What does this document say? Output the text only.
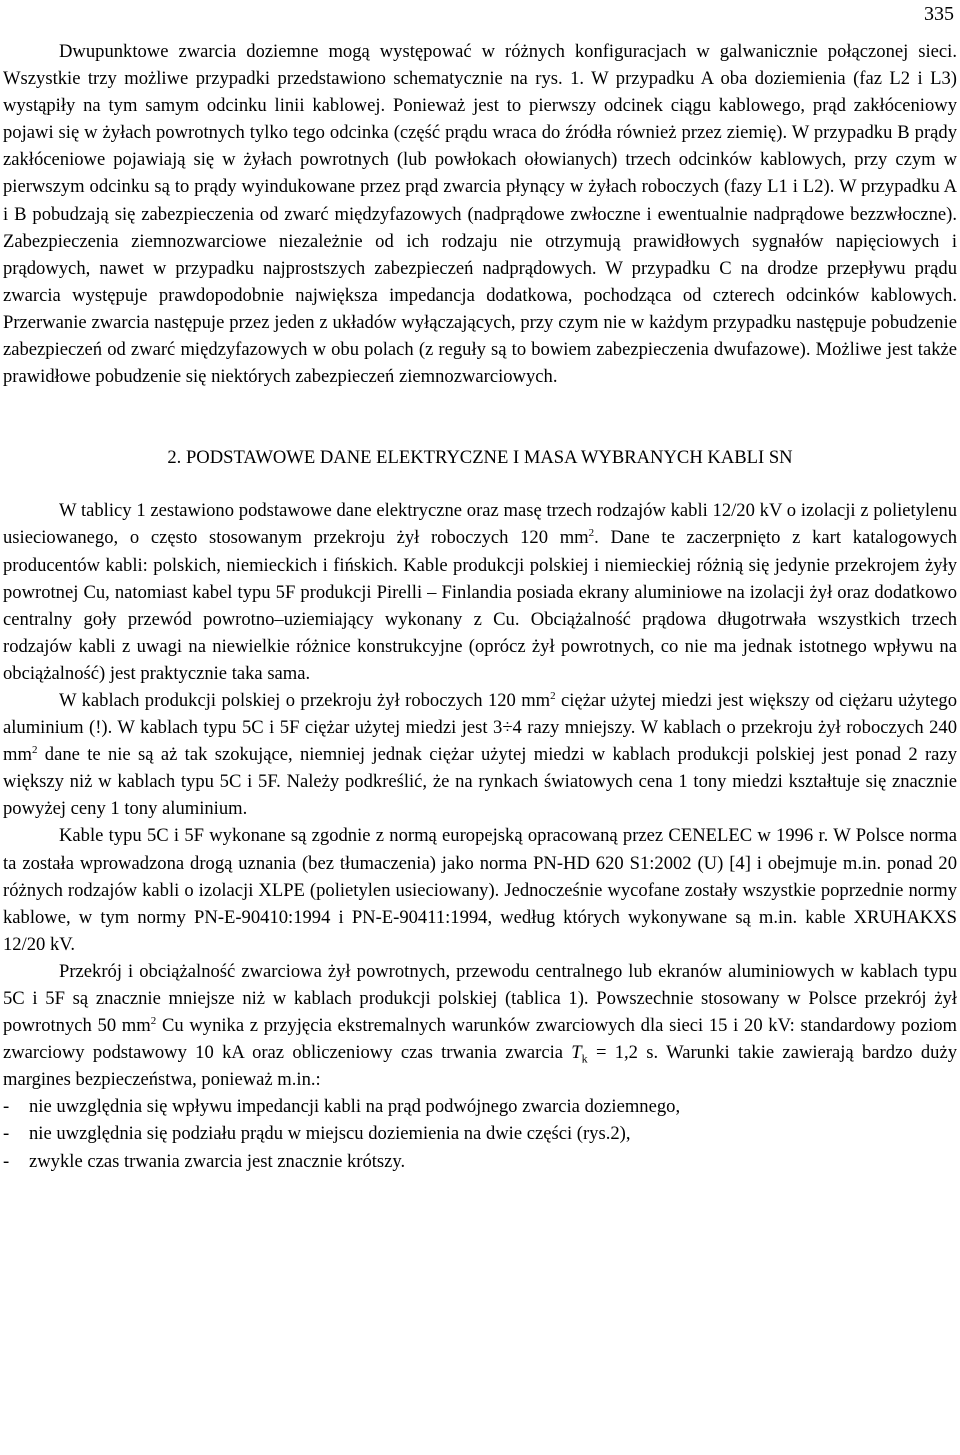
335

Dwupunktowe zwarcia doziemne mogą występować w różnych konfiguracjach w galwanicznie połączonej sieci. Wszystkie trzy możliwe przypadki przedstawiono schematycznie na rys. 1. W przypadku A oba doziemienia (faz L2 i L3) wystąpiły na tym samym odcinku linii kablowej. Ponieważ jest to pierwszy odcinek ciągu kablowego, prąd zakłóceniowy pojawi się w żyłach powrotnych tylko tego odcinka (część prądu wraca do źródła również przez ziemię). W przypadku B prądy zakłóceniowe pojawiają się w żyłach powrotnych (lub powłokach ołowianych) trzech odcinków kablowych, przy czym w pierwszym odcinku są to prądy wyindukowane przez prąd zwarcia płynący w żyłach roboczych (fazy L1 i L2). W przypadku A i B pobudzają się zabezpieczenia od zwarć międzyfazowych (nadprądowe zwłoczne i ewentualnie nadprądowe bezzwłoczne). Zabezpieczenia ziemnozwarciowe niezależnie od ich rodzaju nie otrzymują prawidłowych sygnałów napięciowych i prądowych, nawet w przypadku najprostszych zabezpieczeń nadprądowych. W przypadku C na drodze przepływu prądu zwarcia występuje prawdopodobnie największa impedancja dodatkowa, pochodząca od czterech odcinków kablowych. Przerwanie zwarcia następuje przez jeden z układów wyłączających, przy czym nie w każdym przypadku następuje pobudzenie zabezpieczeń od zwarć międzyfazowych w obu polach (z reguły są to bowiem zabezpieczenia dwufazowe). Możliwe jest także prawidłowe pobudzenie się niektórych zabezpieczeń ziemnozwarciowych.

2. PODSTAWOWE DANE ELEKTRYCZNE I MASA WYBRANYCH KABLI SN

W tablicy 1 zestawiono podstawowe dane elektryczne oraz masę trzech rodzajów kabli 12/20 kV o izolacji z polietylenu usieciowanego, o często stosowanym przekroju żył roboczych 120 $mm^2$. Dane te zaczerpnięto z kart katalogowych producentów kabli: polskich, niemieckich i fińskich. Kable produkcji polskiej i niemieckiej różnią się jedynie przekrojem żyły powrotnej Cu, natomiast kabel typu 5F produkcji Pirelli – Finlandia posiada ekrany aluminiowe na izolacji żył oraz dodatkowo centralny goły przewód powrotno–uziemiający wykonany z Cu. Obciążalność prądowa długotrwała wszystkich trzech rodzajów kabli z uwagi na niewielkie różnice konstrukcyjne (oprócz żył powrotnych, co nie ma jednak istotnego wpływu na obciążalność) jest praktycznie taka sama.

W kablach produkcji polskiej o przekroju żył roboczych 120 $mm^2$ ciężar użytej miedzi jest większy od ciężaru użytego aluminium (!). W kablach typu 5C i 5F ciężar użytej miedzi jest 3÷4 razy mniejszy. W kablach o przekroju żył roboczych 240 $mm^2$ dane te nie są aż tak szokujące, niemniej jednak ciężar użytej miedzi w kablach produkcji polskiej jest ponad 2 razy większy niż w kablach typu 5C i 5F. Należy podkreślić, że na rynkach światowych cena 1 tony miedzi kształtuje się znacznie powyżej ceny 1 tony aluminium.

Kable typu 5C i 5F wykonane są zgodnie z normą europejską opracowaną przez CENELEC w 1996 r. W Polsce norma ta została wprowadzona drogą uznania (bez tłumaczenia) jako norma PN-HD 620 S1:2002 (U) [4] i obejmuje m.in. ponad 20 różnych rodzajów kabli o izolacji XLPE (polietylen usieciowany). Jednocześnie wycofane zostały wszystkie poprzednie normy kablowe, w tym normy PN-E-90410:1994 i PN-E-90411:1994, według których wykonywane są m.in. kable XRUHAKXS 12/20 kV.

Przekrój i obciążalność zwarciowa żył powrotnych, przewodu centralnego lub ekranów aluminiowych w kablach typu 5C i 5F są znacznie mniejsze niż w kablach produkcji polskiej (tablica 1). Powszechnie stosowany w Polsce przekrój żył powrotnych 50 $mm^2$ Cu wynika z przyjęcia ekstremalnych warunków zwarciowych dla sieci 15 i 20 kV: standardowy poziom zwarciowy podstawowy 10 kA oraz obliczeniowy czas trwania zwarcia $T_k = 1,2$ s. Warunki takie zawierają bardzo duży margines bezpieczeństwa, ponieważ m.in.:

- nie uwzględnia się wpływu impedancji kabli na prąd podwójnego zwarcia doziemnego,
- nie uwzględnia się podziału prądu w miejscu doziemienia na dwie części (rys.2),
- zwykle czas trwania zwarcia jest znacznie krótszy.
